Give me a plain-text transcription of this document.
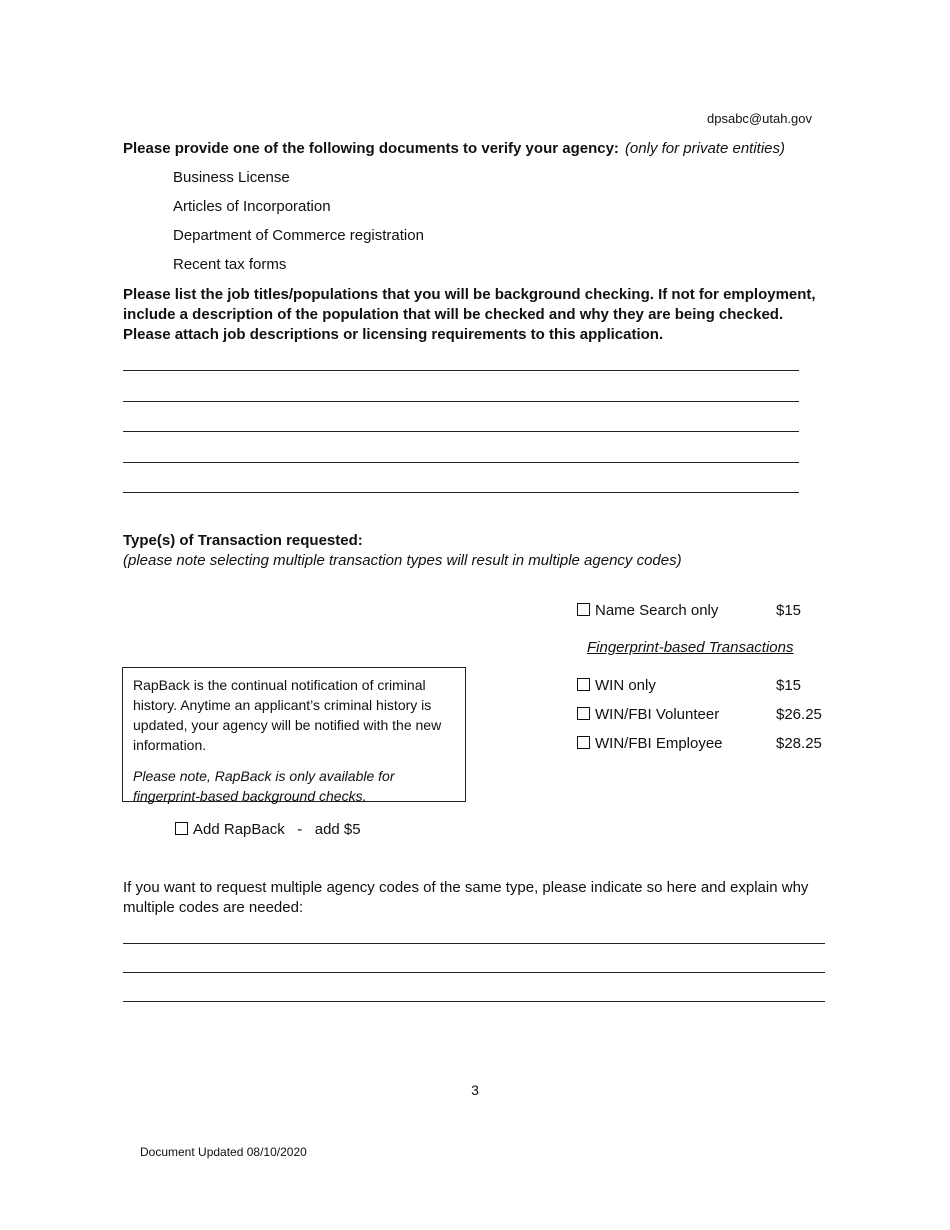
dpsabc@utah.gov
Please provide one of the following documents to verify your agency: (only for private entities)
Business License
Articles of Incorporation
Department of Commerce registration
Recent tax forms
Please list the job titles/populations that you will be background checking. If not for employment, include a description of the population that will be checked and why they are being checked. Please attach job descriptions or licensing requirements to this application.
Type(s) of Transaction requested:
(please note selecting multiple transaction types will result in multiple agency codes)
Name Search only	$15
Fingerprint-based Transactions
WIN only	$15
WIN/FBI Volunteer	$26.25
WIN/FBI Employee	$28.25

RapBack is the continual notification of criminal history. Anytime an applicant’s criminal history is updated, your agency will be notified with the new information.

Please note, RapBack is only available for fingerprint-based background checks.

Add RapBack   -   add $5
If you want to request multiple agency codes of the same type, please indicate so here and explain why multiple codes are needed:
3
Document Updated 08/10/2020
